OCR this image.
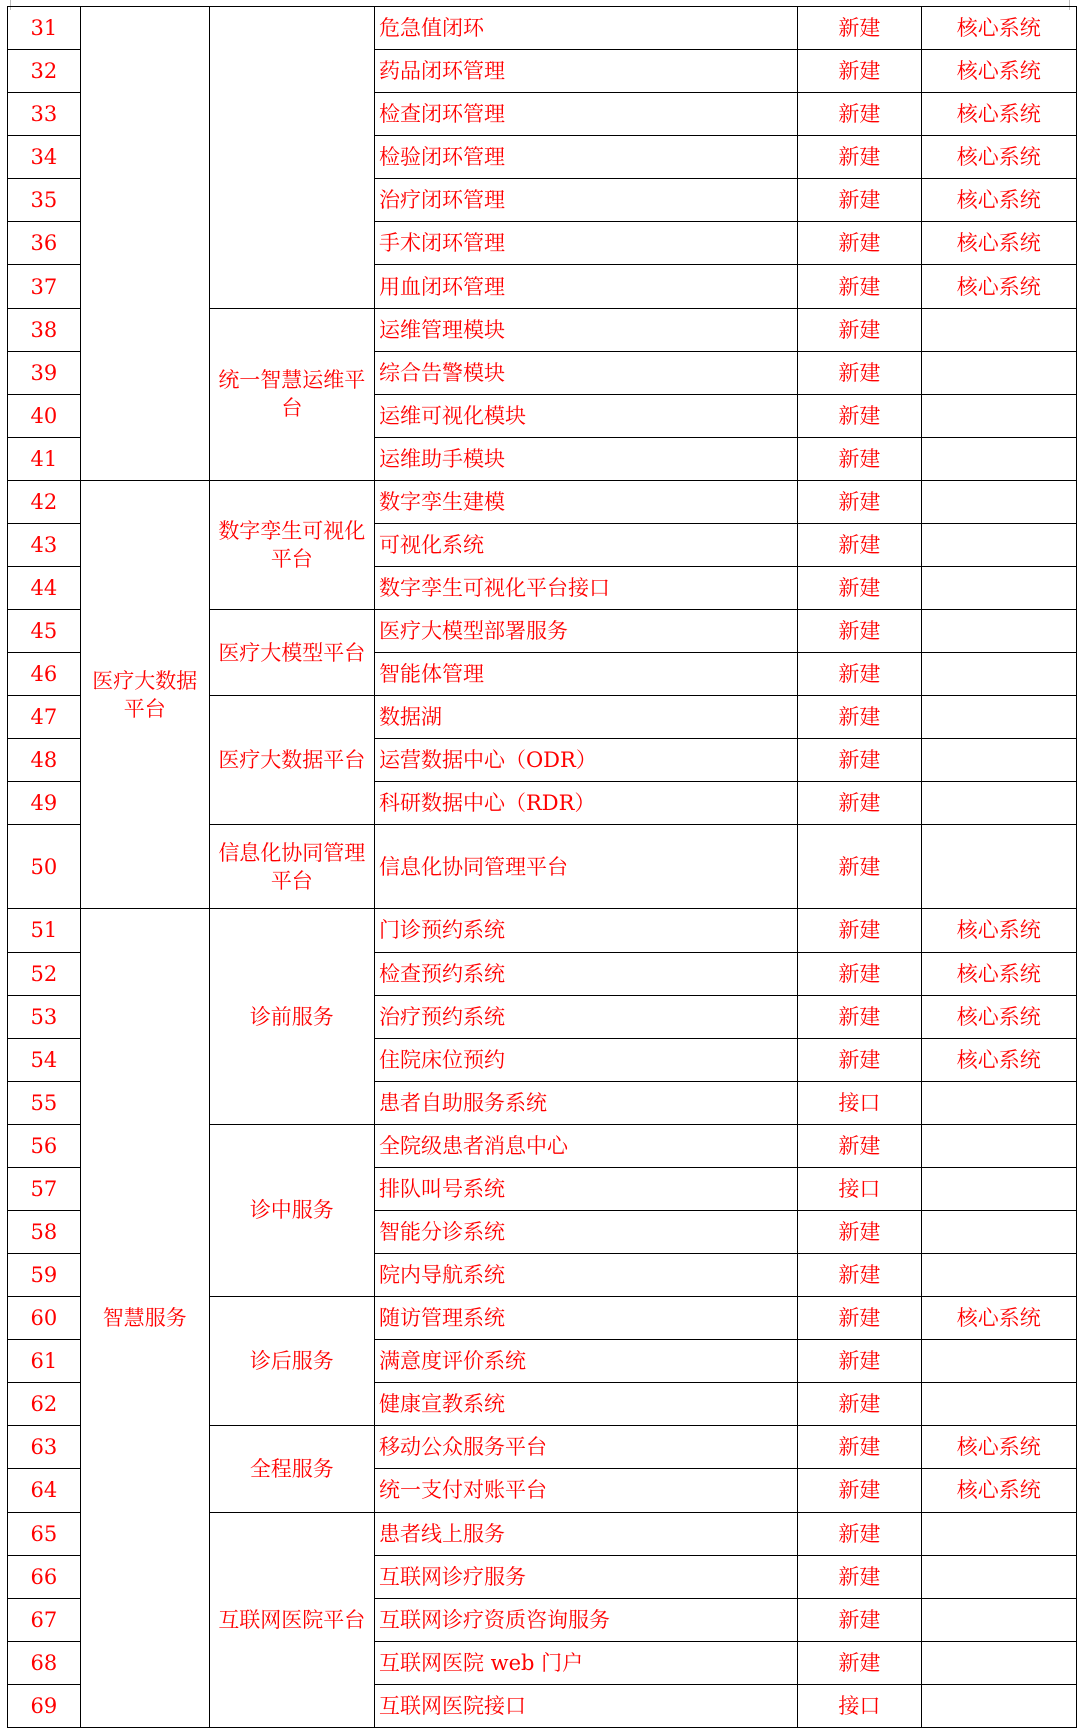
31			危急值闭环	新建	核心系统
32			药品闭环管理	新建	核心系统
33			检查闭环管理	新建	核心系统
34			检验闭环管理	新建	核心系统
35			治疗闭环管理	新建	核心系统
36			手术闭环管理	新建	核心系统
37			用血闭环管理	新建	核心系统
38		统一智慧运维平台	运维管理模块	新建	
39			综合告警模块	新建	
40			运维可视化模块	新建	
41			运维助手模块	新建	
42	医疗大数据平台	数字孪生可视化平台	数字孪生建模	新建	
43			可视化系统	新建	
44			数字孪生可视化平台接口	新建	
45		医疗大模型平台	医疗大模型部署服务	新建	
46			智能体管理	新建	
47		医疗大数据平台	数据湖	新建	
48			运营数据中心（ODR）	新建	
49			科研数据中心（RDR）	新建	
50		信息化协同管理平台	信息化协同管理平台	新建	
51	智慧服务	诊前服务	门诊预约系统	新建	核心系统
52			检查预约系统	新建	核心系统
53			治疗预约系统	新建	核心系统
54			住院床位预约	新建	核心系统
55			患者自助服务系统	接口	
56		诊中服务	全院级患者消息中心	新建	
57			排队叫号系统	接口	
58			智能分诊系统	新建	
59			院内导航系统	新建	
60		诊后服务	随访管理系统	新建	核心系统
61			满意度评价系统	新建	
62			健康宣教系统	新建	
63		全程服务	移动公众服务平台	新建	核心系统
64			统一支付对账平台	新建	核心系统
65		互联网医院平台	患者线上服务	新建	
66			互联网诊疗服务	新建	
67			互联网诊疗资质咨询服务	新建	
68			互联网医院 web 门户	新建	
69			互联网医院接口	接口	
